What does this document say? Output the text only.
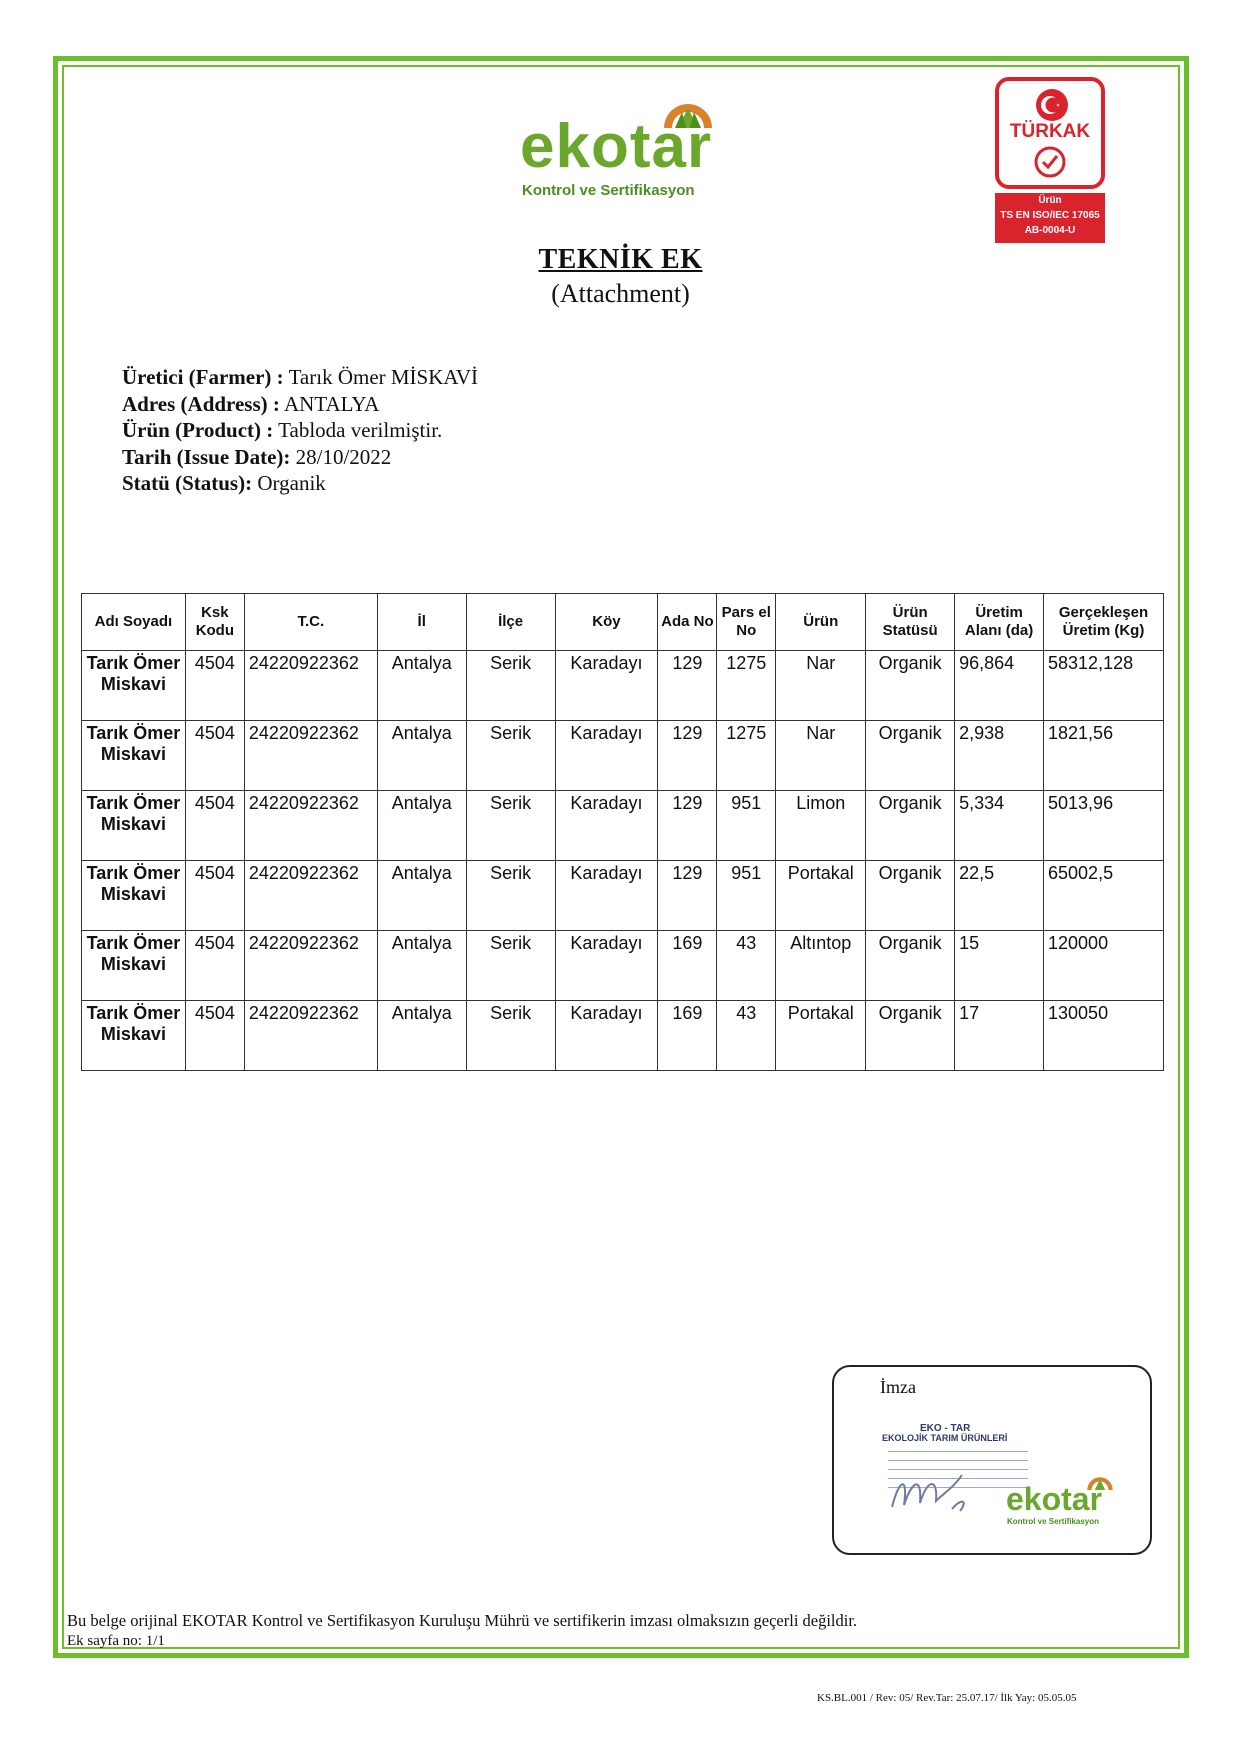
ekotar
Kontrol ve Sertifikasyon
TÜRKAK
Ürün
TS EN ISO/IEC 17065
AB-0004-U
TEKNİK EK
(Attachment)
Üretici (Farmer) : Tarık Ömer MİSKAVİ
Adres (Address) : ANTALYA
Ürün (Product) : Tabloda verilmiştir.
Tarih (Issue Date): 28/10/2022
Statü (Status): Organik
Adı Soyadı	Ksk Kodu	T.C.	İl	İlçe	Köy	Ada No	Pars el No	Ürün	Ürün Statüsü	Üretim Alanı (da)	Gerçekleşen Üretim (Kg)
Tarık Ömer Miskavi	4504	24220922362	Antalya	Serik	Karadayı	129	1275	Nar	Organik	96,864	58312,128
Tarık Ömer Miskavi	4504	24220922362	Antalya	Serik	Karadayı	129	1275	Nar	Organik	2,938	1821,56
Tarık Ömer Miskavi	4504	24220922362	Antalya	Serik	Karadayı	129	951	Limon	Organik	5,334	5013,96
Tarık Ömer Miskavi	4504	24220922362	Antalya	Serik	Karadayı	129	951	Portakal	Organik	22,5	65002,5
Tarık Ömer Miskavi	4504	24220922362	Antalya	Serik	Karadayı	169	43	Altıntop	Organik	15	120000
Tarık Ömer Miskavi	4504	24220922362	Antalya	Serik	Karadayı	169	43	Portakal	Organik	17	130050
İmza
EKO - TAR
EKOLOJİK TARIM ÜRÜNLERİ
ekotar
Kontrol ve Sertifikasyon
Bu belge orijinal EKOTAR Kontrol ve Sertifikasyon Kuruluşu Mührü ve sertifikerin imzası olmaksızın geçerli değildir.
Ek sayfa no: 1/1
KS.BL.001 / Rev: 05/ Rev.Tar: 25.07.17/ İlk Yay: 05.05.05
